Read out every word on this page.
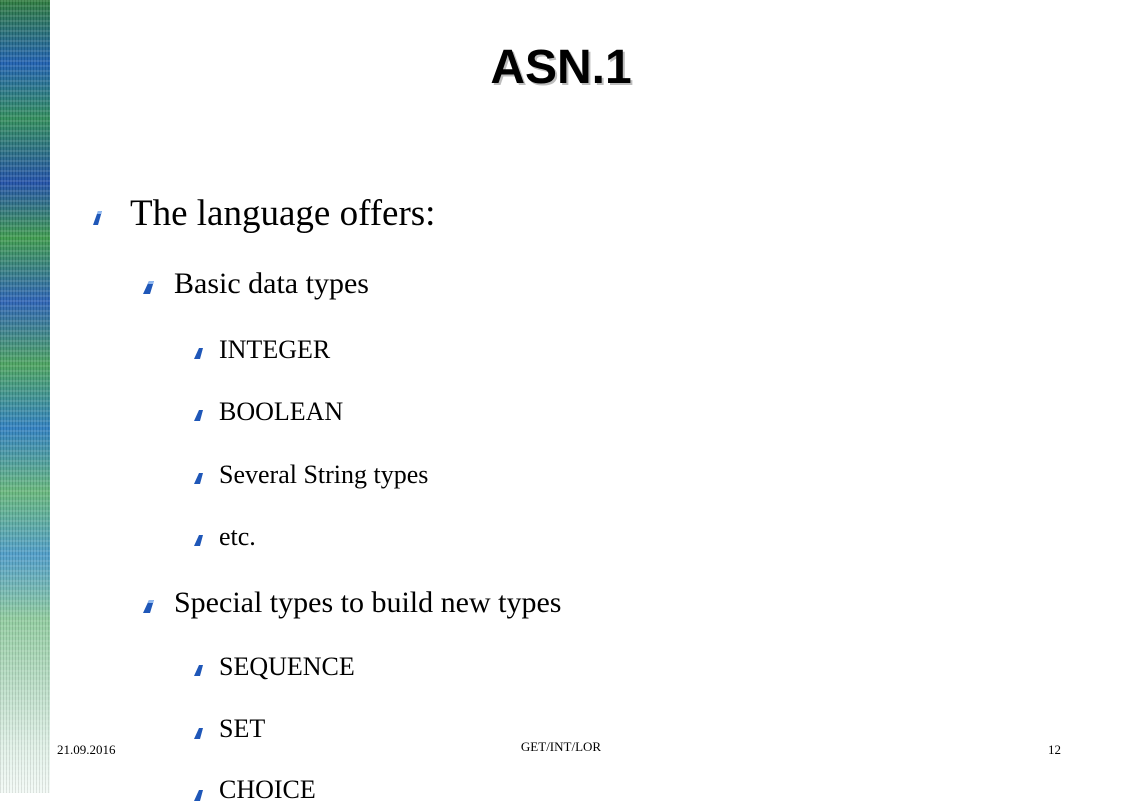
ASN.1
The language offers:
Basic data types
INTEGER
BOOLEAN
Several String types
etc.
Special types to build new types
SEQUENCE
SET
CHOICE
21.09.2016	GET/INT/LOR	12
